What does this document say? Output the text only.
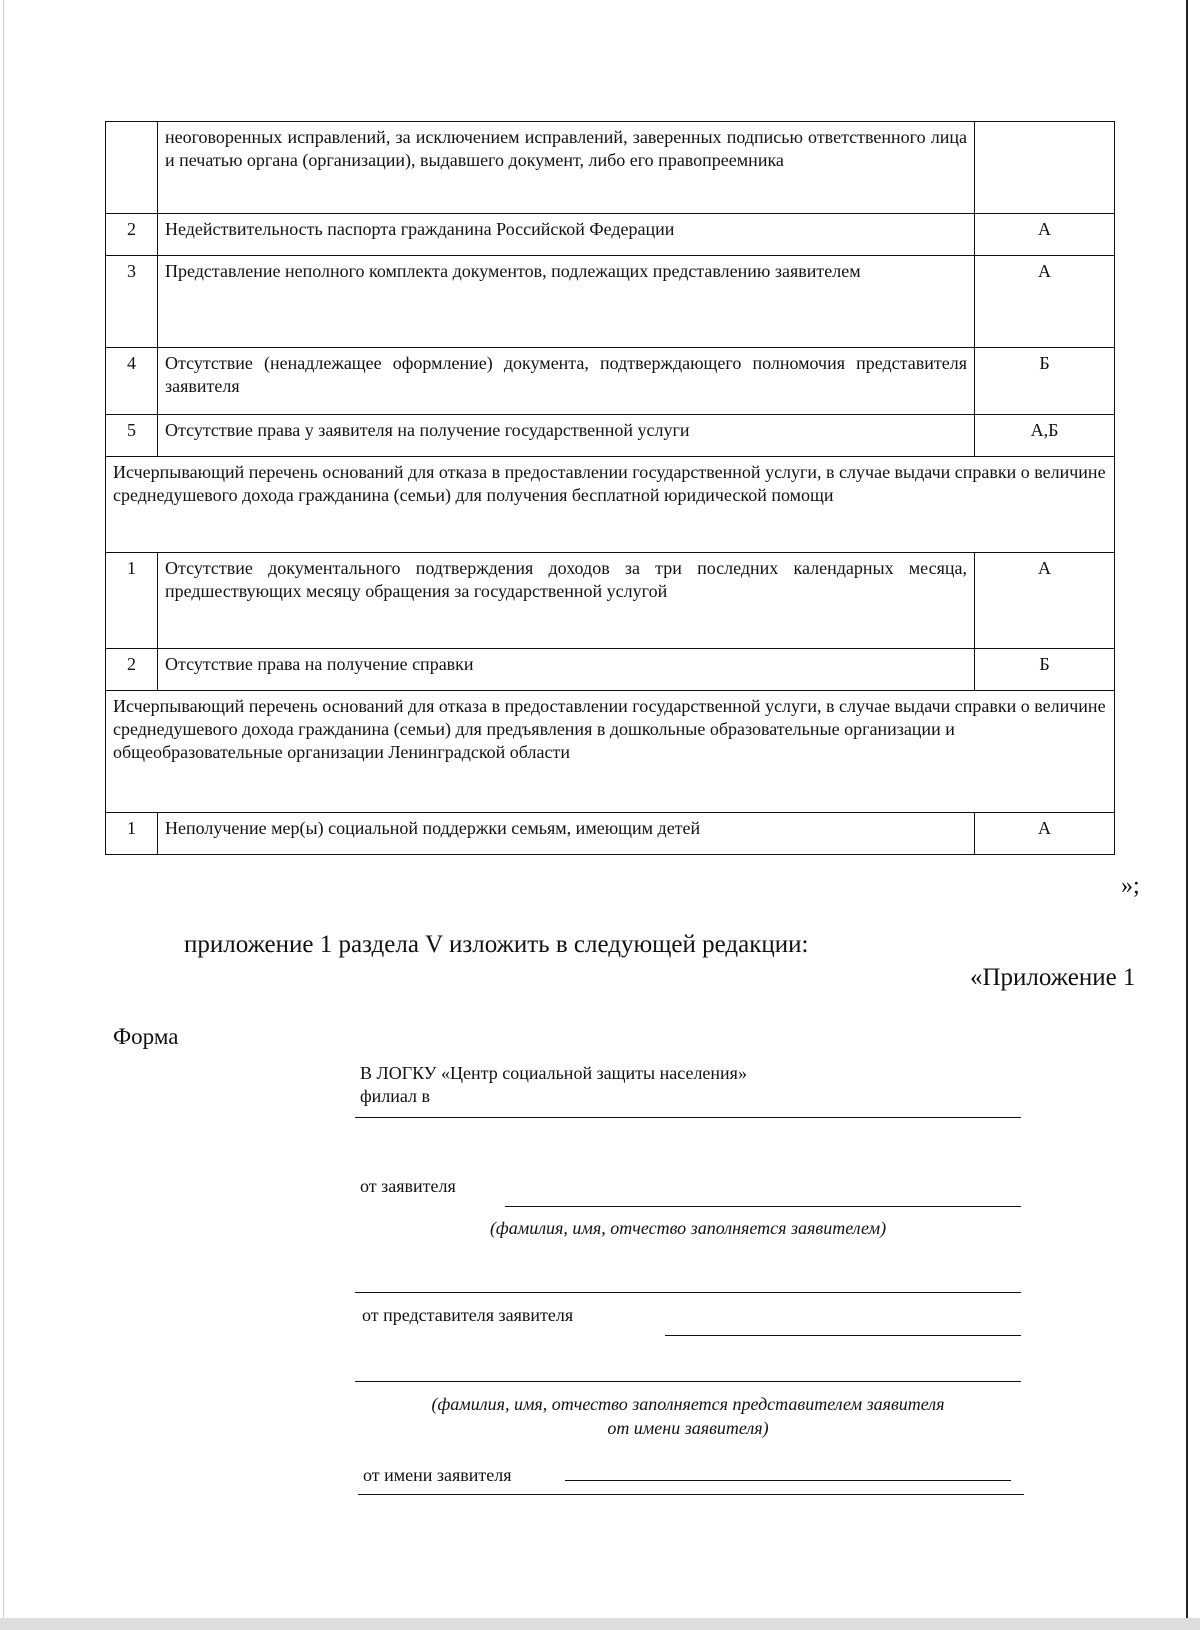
	неоговоренных исправлений, за исключением исправлений, заверенных подписью ответственного лица и печатью органа (организации), выдавшего документ, либо его правопреемника	
2	Недействительность паспорта гражданина Российской Федерации	А
3	Представление неполного комплекта документов, подлежащих представлению заявителем	А
4	Отсутствие (ненадлежащее оформление) документа, подтверждающего полномочия представителя заявителя	Б
5	Отсутствие права у заявителя на получение государственной услуги	А,Б
Исчерпывающий перечень оснований для отказа в предоставлении государственной услуги, в случае выдачи справки о величине среднедушевого дохода гражданина (семьи) для получения бесплатной юридической помощи		
1	Отсутствие документального подтверждения доходов за три последних календарных месяца, предшествующих месяцу обращения за государственной услугой	А
2	Отсутствие права на получение справки	Б
Исчерпывающий перечень оснований для отказа в предоставлении государственной услуги, в случае выдачи справки о величине среднедушевого дохода гражданина (семьи) для предъявления в дошкольные образовательные организации и общеобразовательные организации Ленинградской области		
1	Неполучение мер(ы) социальной поддержки семьям, имеющим детей	А
»;
приложение 1 раздела V изложить в следующей редакции:
«Приложение 1
Форма
В ЛОГКУ «Центр социальной защиты населения»
филиал в
от заявителя
(фамилия, имя, отчество заполняется заявителем)
от представителя заявителя
(фамилия, имя, отчество заполняется представителем заявителя
от имени заявителя)
от имени заявителя
